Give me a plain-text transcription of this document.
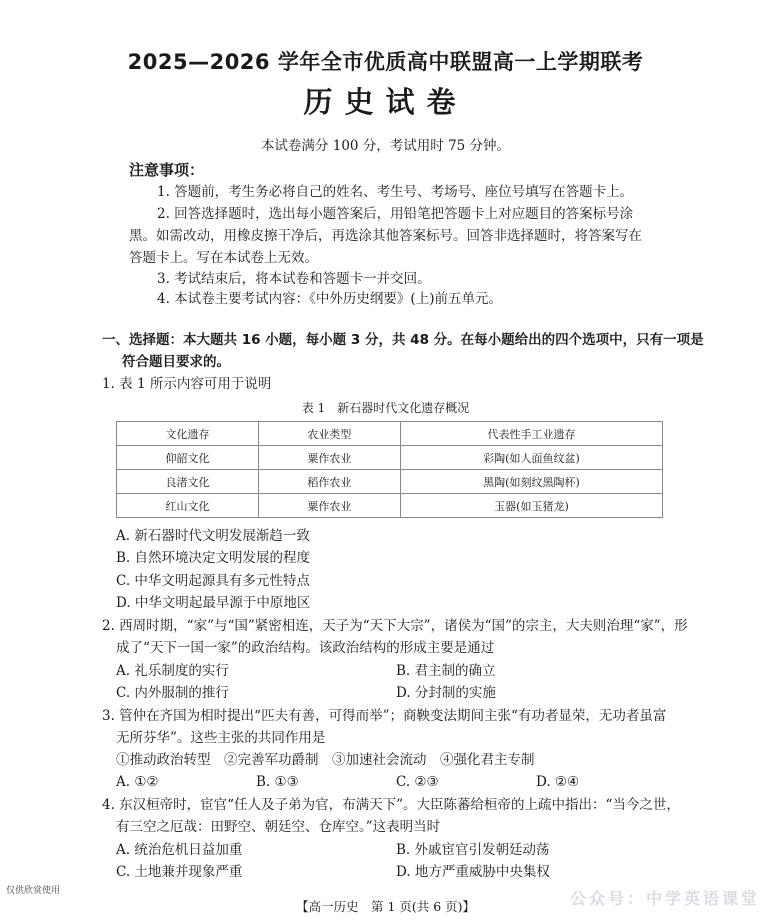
2025—2026 学年全市优质高中联盟高一上学期联考
历史试卷
本试卷满分 100 分，考试用时 75 分钟。
注意事项：
1. 答题前，考生务必将自己的姓名、考生号、考场号、座位号填写在答题卡上。
2. 回答选择题时，选出每小题答案后，用铅笔把答题卡上对应题目的答案标号涂
黑。如需改动，用橡皮擦干净后，再选涂其他答案标号。回答非选择题时，将答案写在
答题卡上。写在本试卷上无效。
3. 考试结束后，将本试卷和答题卡一并交回。
4. 本试卷主要考试内容：《中外历史纲要》(上)前五单元。
一、选择题：本大题共 16 小题，每小题 3 分，共 48 分。在每小题给出的四个选项中，只有一项是
符合题目要求的。
1. 表 1 所示内容可用于说明
表 1　新石器时代文化遗存概况
文化遗存	农业类型	代表性手工业遗存
仰韶文化	粟作农业	彩陶(如人面鱼纹盆)
良渚文化	稻作农业	黑陶(如刻纹黑陶杯)
红山文化	粟作农业	玉器(如玉猪龙)
A. 新石器时代文明发展渐趋一致
B. 自然环境决定文明发展的程度
C. 中华文明起源具有多元性特点
D. 中华文明起最早源于中原地区
2. 西周时期，“家”与“国”紧密相连，天子为“天下大宗”，诸侯为“国”的宗主，大夫则治理“家”，形
成了“天下一国一家”的政治结构。该政治结构的形成主要是通过
A. 礼乐制度的实行	B. 君主制的确立
C. 内外服制的推行	D. 分封制的实施
3. 管仲在齐国为相时提出“匹夫有善，可得而举”；商鞅变法期间主张“有功者显荣，无功者虽富
无所芬华”。这些主张的共同作用是
①推动政治转型　②完善军功爵制　③加速社会流动　④强化君主专制
A. ①②	B. ①③	C. ②③	D. ②④
4. 东汉桓帝时，宦官“任人及子弟为官，布满天下”。大臣陈蕃给桓帝的上疏中指出：“当今之世，
有三空之厄哉：田野空、朝廷空、仓库空。”这表明当时
A. 统治危机日益加重	B. 外戚宦官引发朝廷动荡
C. 土地兼并现象严重	D. 地方严重威胁中央集权
仅供欣赏使用
【高一历史　第 1 页(共 6 页)】	公众号：中学英语课堂
